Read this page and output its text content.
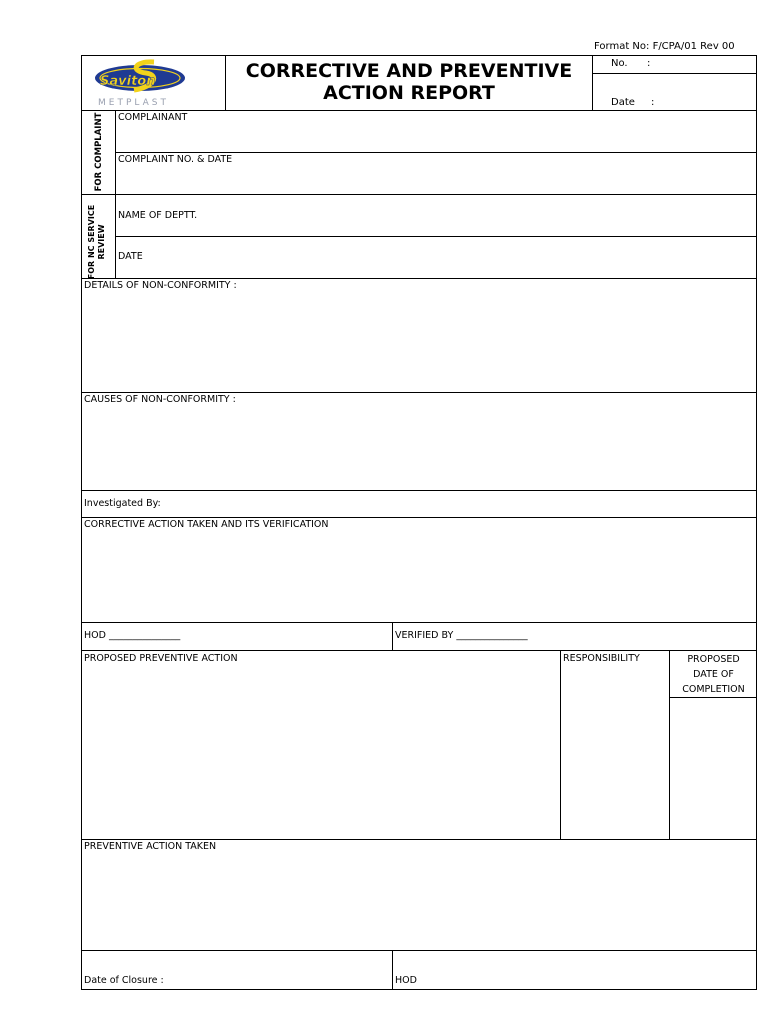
Format No: F/CPA/01 Rev 00
Saviton
METPLAST
CORRECTIVE AND PREVENTIVE
ACTION REPORT
No. :
Date :
FOR COMPLAINT COMPLAINANT
COMPLAINT NO. & DATE
FOR NC SERVICE REVIEW
NAME OF DEPTT.
DATE
DETAILS OF NON-CONFORMITY :
CAUSES OF NON-CONFORMITY :
Investigated By:
CORRECTIVE ACTION TAKEN AND ITS VERIFICATION
HOD _______________	VERIFIED BY _______________
PROPOSED PREVENTIVE ACTION	RESPONSIBILITY	PROPOSED
DATE OF
COMPLETION
PREVENTIVE ACTION TAKEN
Date of Closure :	HOD
